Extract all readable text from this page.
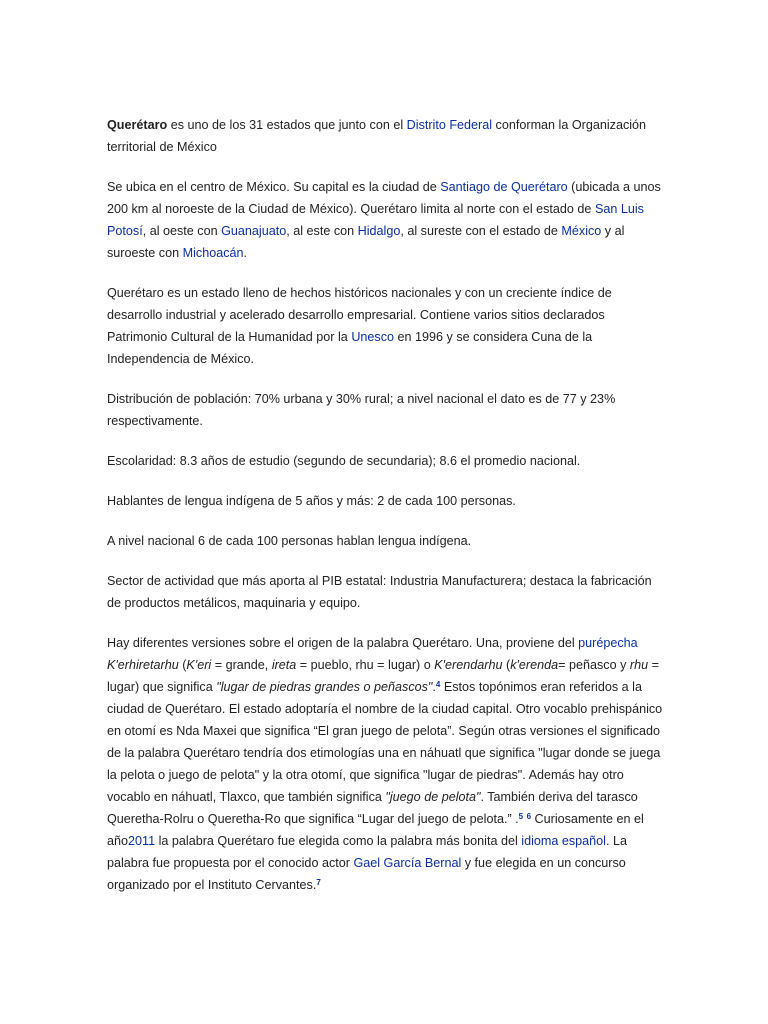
Querétaro es uno de los 31 estados que junto con el Distrito Federal conforman la Organización territorial de México

Se ubica en el centro de México. Su capital es la ciudad de Santiago de Querétaro (ubicada a unos 200 km al noroeste de la Ciudad de México). Querétaro limita al norte con el estado de San Luis Potosí, al oeste con Guanajuato, al este con Hidalgo, al sureste con el estado de México y al suroeste con Michoacán.

Querétaro es un estado lleno de hechos históricos nacionales y con un creciente índice de desarrollo industrial y acelerado desarrollo empresarial. Contiene varios sitios declarados Patrimonio Cultural de la Humanidad por la Unesco en 1996 y se considera Cuna de la Independencia de México.

Distribución de población: 70% urbana y 30% rural; a nivel nacional el dato es de 77 y 23% respectivamente.

Escolaridad: 8.3 años de estudio (segundo de secundaria); 8.6 el promedio nacional.

Hablantes de lengua indígena de 5 años y más: 2 de cada 100 personas.

A nivel nacional 6 de cada 100 personas hablan lengua indígena.

Sector de actividad que más aporta al PIB estatal: Industria Manufacturera; destaca la fabricación de productos metálicos, maquinaria y equipo.

Hay diferentes versiones sobre el origen de la palabra Querétaro. Una, proviene del purépecha K'erhiretarhu (K'eri = grande, ireta = pueblo, rhu = lugar) o K'erendarhu (k'erenda= peñasco y rhu = lugar) que significa "lugar de piedras grandes o peñascos".$^4$ Estos topónimos eran referidos a la ciudad de Querétaro. El estado adoptaría el nombre de la ciudad capital. Otro vocablo prehispánico en otomí es Nda Maxei que significa “El gran juego de pelota”. Según otras versiones el significado de la palabra Querétaro tendría dos etimologías una en náhuatl que significa "lugar donde se juega la pelota o juego de pelota" y la otra otomí, que significa "lugar de piedras". Además hay otro vocablo en náhuatl, Tlaxco, que también significa "juego de pelota". También deriva del tarasco Queretha-Rolru o Queretha-Ro que significa “Lugar del juego de pelota.” .$^5$ $^6$ Curiosamente en el año2011 la palabra Querétaro fue elegida como la palabra más bonita del idioma español. La palabra fue propuesta por el conocido actor Gael García Bernal y fue elegida en un concurso organizado por el Instituto Cervantes.$^7$
